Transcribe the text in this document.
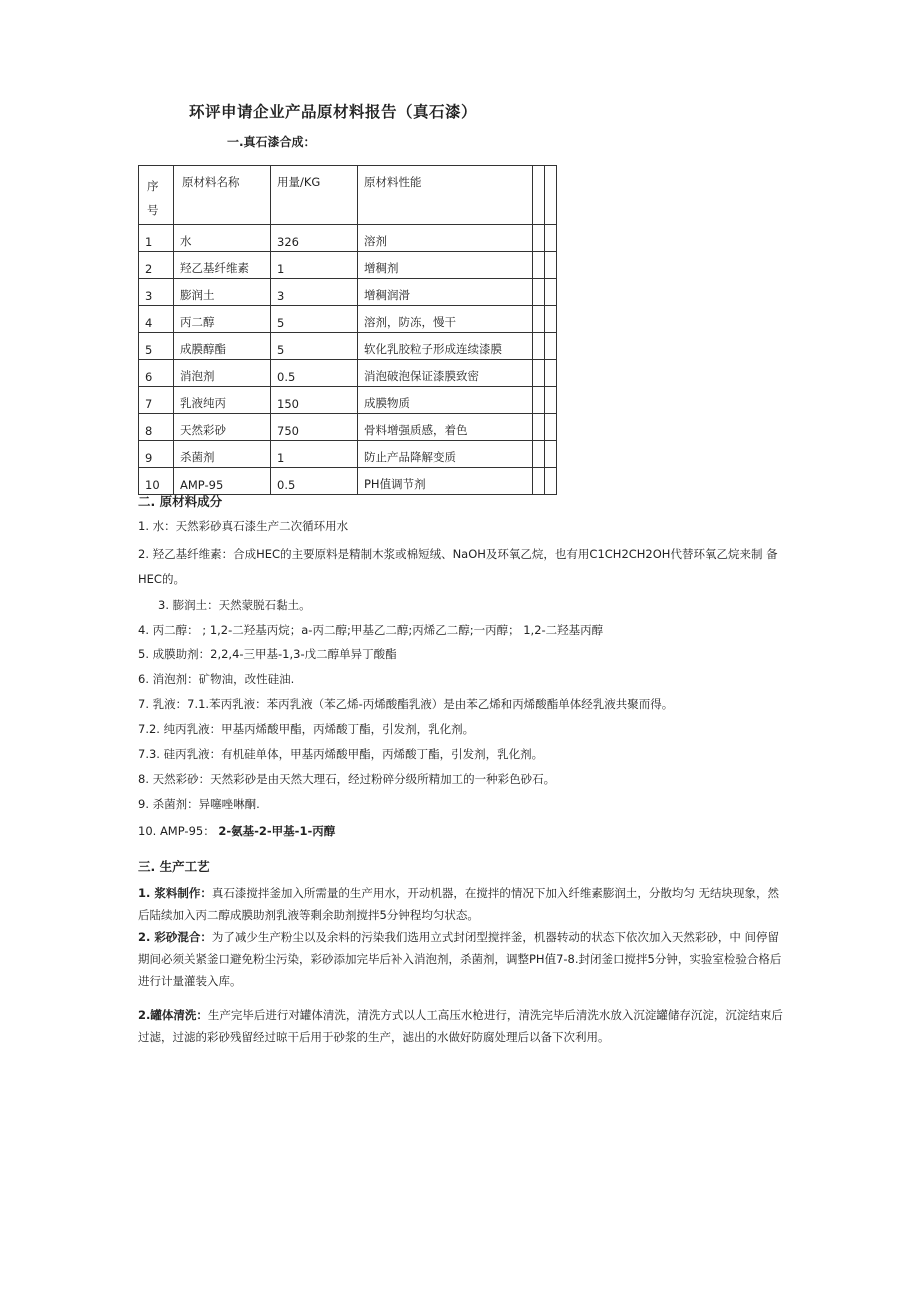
环评申请企业产品原材料报告（真石漆）
一.真石漆合成：
序
号	原材料名称	用量/KG	原材料性能		
1	水	326	溶剂		
2	羟乙基纤维素	1	增稠剂		
3	膨润土	3	增稠润滑		
4	丙二醇	5	溶剂，防冻，慢干		
5	成膜醇酯	5	软化乳胶粒子形成连续漆膜		
6	消泡剂	0.5	消泡破泡保证漆膜致密		
7	乳液纯丙	150	成膜物质		
8	天然彩砂	750	骨料增强质感，着色		
9	杀菌剂	1	防止产品降解变质		
10	AMP-95	0.5	PH值调节剂		
二. 原材料成分
1. 水：天然彩砂真石漆生产二次循环用水
2. 羟乙基纤维素：合成HEC的主要原料是精制木浆或棉短绒、NaOH及环氧乙烷，也有用C1CH2CH2OH代替环氧乙烷来制 备
HEC的。
3. 膨润土：天然蒙脱石黏土。
4. 丙二醇： ; 1,2-二羟基丙烷；a-丙二醇;甲基乙二醇;丙烯乙二醇;一丙醇； 1,2-二羟基丙醇
5. 成膜助剂：2,2,4-三甲基-1,3-戊二醇单异丁酸酯
6. 消泡剂：矿物油，改性硅油.
7. 乳液：7.1.苯丙乳液：苯丙乳液（苯乙烯-丙烯酸酯乳液）是由苯乙烯和丙烯酸酯单体经乳液共聚而得。
7.2. 纯丙乳液：甲基丙烯酸甲酯，丙烯酸丁酯，引发剂，乳化剂。
7.3. 硅丙乳液：有机硅单体，甲基丙烯酸甲酯，丙烯酸丁酯，引发剂，乳化剂。
8. 天然彩砂：天然彩砂是由天然大理石，经过粉碎分级所精加工的一种彩色砂石。
9. 杀菌剂：异噻唑啉酮.
10. AMP-95： 2-氨基-2-甲基-1-丙醇
三. 生产工艺
1. 浆料制作：真石漆搅拌釜加入所需量的生产用水，开动机器，在搅拌的情况下加入纤维素膨润土，分散均匀 无结块现象，然后陆续加入丙二醇成膜助剂乳液等剩余助剂搅拌5分钟程均匀状态。
2. 彩砂混合：为了减少生产粉尘以及余料的污染我们选用立式封闭型搅拌釜，机器转动的状态下依次加入天然彩砂，中 间停留期间必须关紧釜口避免粉尘污染，彩砂添加完毕后补入消泡剂，杀菌剂，调整PH值7-8.封闭釜口搅拌5分钟，实验室检验合格后进行计量灌装入库。
2.罐体清洗：生产完毕后进行对罐体清洗，清洗方式以人工高压水枪进行，清洗完毕后清洗水放入沉淀罐储存沉淀，沉淀结束后过滤，过滤的彩砂残留经过晾干后用于砂浆的生产，滤出的水做好防腐处理后以备下次利用。
